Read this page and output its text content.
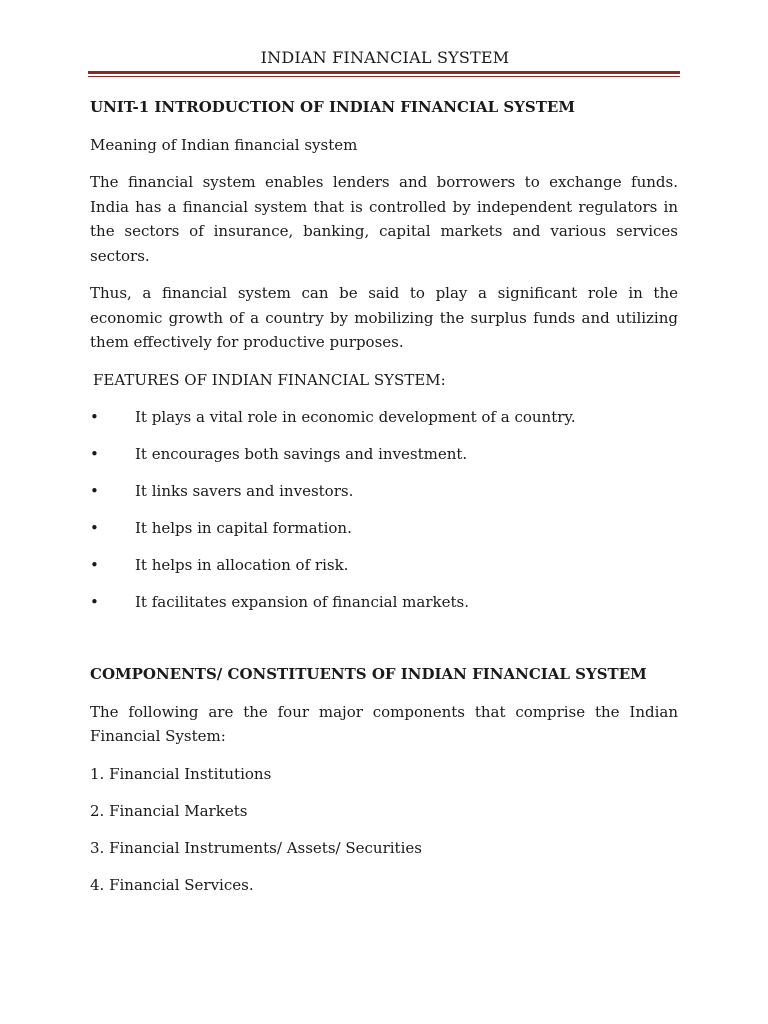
INDIAN FINANCIAL SYSTEM
UNIT-1 INTRODUCTION OF INDIAN FINANCIAL SYSTEM
Meaning of Indian financial system
The financial system enables lenders and borrowers to exchange funds. India has a financial system that is controlled by independent regulators in the sectors of insurance, banking, capital markets and various services sectors.
Thus, a financial system can be said to play a significant role in the economic growth of a country by mobilizing the surplus funds and utilizing them effectively for productive purposes.
FEATURES OF INDIAN FINANCIAL SYSTEM:
• It plays a vital role in economic development of a country.
• It encourages both savings and investment.
• It links savers and investors.
• It helps in capital formation.
• It helps in allocation of risk.
• It facilitates expansion of financial markets.
COMPONENTS/ CONSTITUENTS OF INDIAN FINANCIAL SYSTEM
The following are the four major components that comprise the Indian Financial System:
1. Financial Institutions
2. Financial Markets
3. Financial Instruments/ Assets/ Securities
4. Financial Services.
